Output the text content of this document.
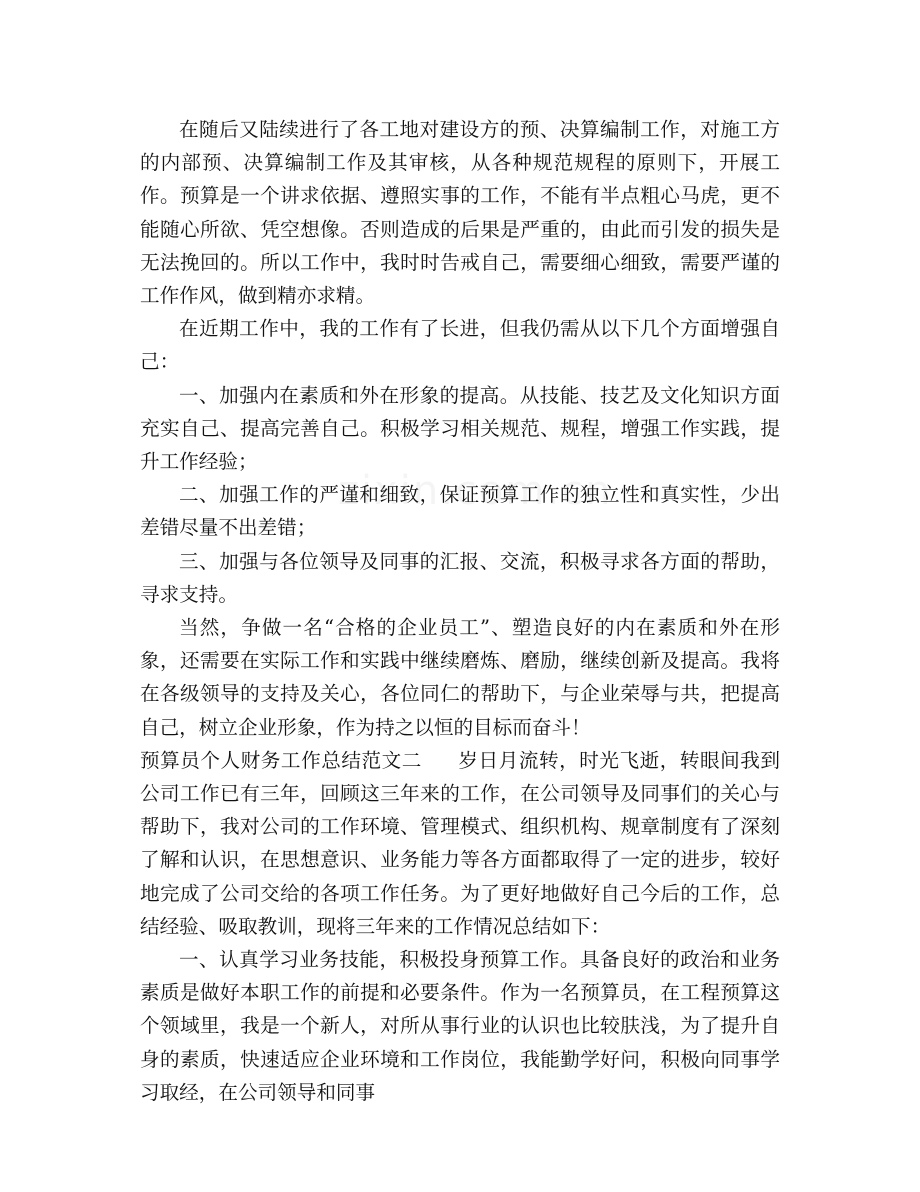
在随后又陆续进行了各工地对建设方的预、决算编制工作，对施工方的内部预、决算编制工作及其审核，从各种规范规程的原则下，开展工作。预算是一个讲求依据、遵照实事的工作，不能有半点粗心马虎，更不能随心所欲、凭空想像。否则造成的后果是严重的，由此而引发的损失是无法挽回的。所以工作中，我时时告戒自己，需要细心细致，需要严谨的工作作风，做到精亦求精。

在近期工作中，我的工作有了长进，但我仍需从以下几个方面增强自己：

一、加强内在素质和外在形象的提高。从技能、技艺及文化知识方面充实自己、提高完善自己。积极学习相关规范、规程，增强工作实践，提升工作经验；

二、加强工作的严谨和细致，保证预算工作的独立性和真实性，少出差错尽量不出差错；

三、加强与各位领导及同事的汇报、交流，积极寻求各方面的帮助，寻求支持。

当然，争做一名“合格的企业员工”、塑造良好的内在素质和外在形象，还需要在实际工作和实践中继续磨炼、磨励，继续创新及提高。我将在各级领导的支持及关心，各位同仁的帮助下，与企业荣辱与共，把提高自己，树立企业形象，作为持之以恒的目标而奋斗！

预算员个人财务工作总结范文二 岁日月流转，时光飞逝，转眼间我到公司工作已有三年，回顾这三年来的工作，在公司领导及同事们的关心与帮助下，我对公司的工作环境、管理模式、组织机构、规章制度有了深刻了解和认识，在思想意识、业务能力等各方面都取得了一定的进步，较好地完成了公司交给的各项工作任务。为了更好地做好自己今后的工作，总结经验、吸取教训，现将三年来的工作情况总结如下：

一、认真学习业务技能，积极投身预算工作。具备良好的政治和业务素质是做好本职工作的前提和必要条件。作为一名预算员，在工程预算这个领域里，我是一个新人，对所从事行业的认识也比较肤浅，为了提升自身的素质，快速适应企业环境和工作岗位，我能勤学好问，积极向同事学习取经，在公司领导和同事
